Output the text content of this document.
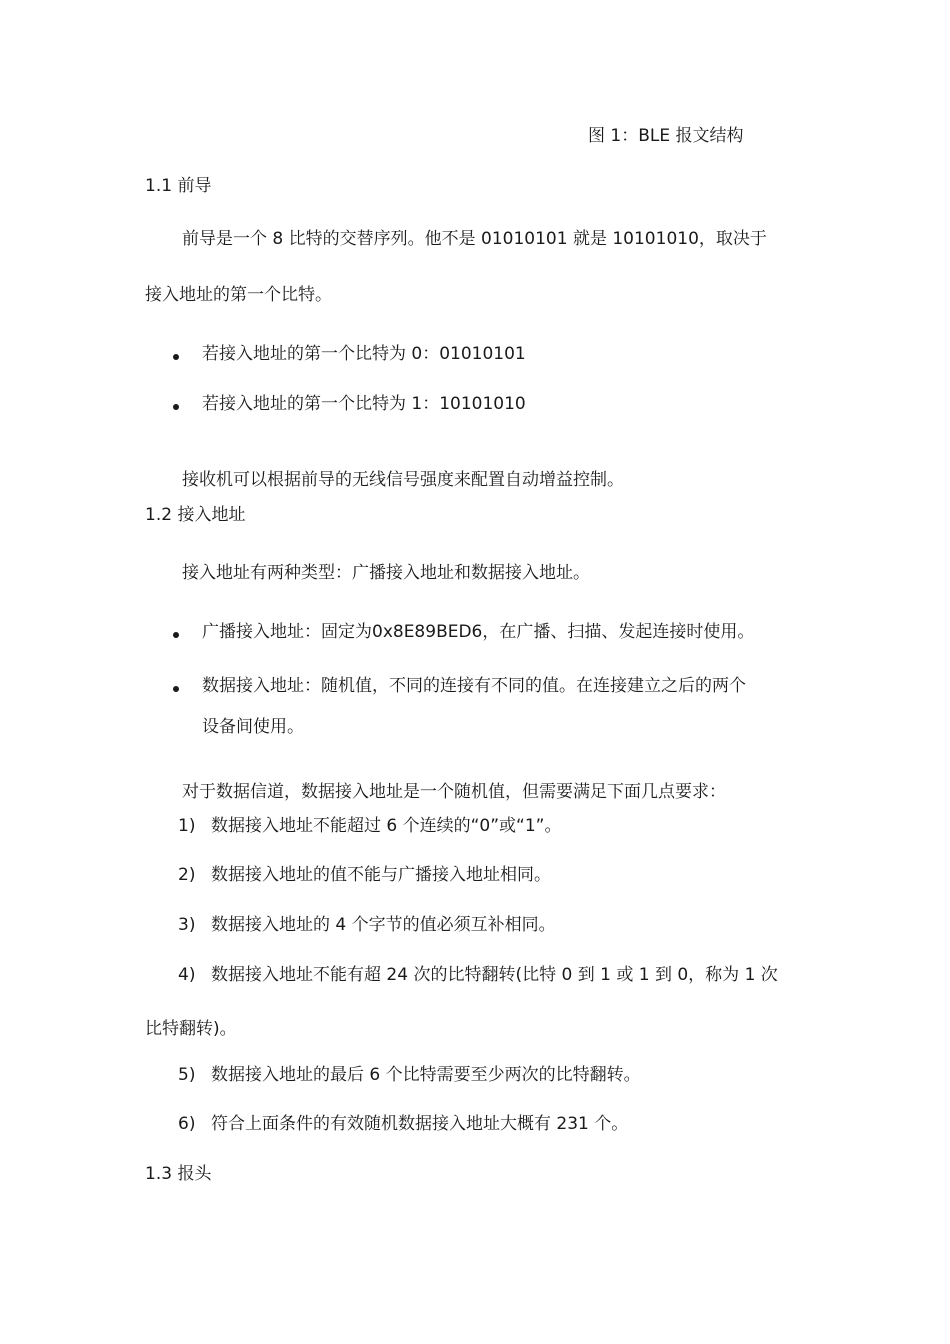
图 1：BLE 报文结构
1.1 前导
前导是一个 8 比特的交替序列。他不是 01010101 就是 10101010，取决于
接入地址的第一个比特。
若接入地址的第一个比特为 0：01010101
若接入地址的第一个比特为 1：10101010
接收机可以根据前导的无线信号强度来配置自动增益控制。
1.2 接入地址
接入地址有两种类型：广播接入地址和数据接入地址。
广播接入地址：固定为0x8E89BED6，在广播、扫描、发起连接时使用。
数据接入地址：随机值，不同的连接有不同的值。在连接建立之后的两个
设备间使用。
对于数据信道，数据接入地址是一个随机值，但需要满足下面几点要求：
1) 数据接入地址不能超过 6 个连续的“0”或“1”。
2) 数据接入地址的值不能与广播接入地址相同。
3) 数据接入地址的 4 个字节的值必须互补相同。
4) 数据接入地址不能有超 24 次的比特翻转(比特 0 到 1 或 1 到 0，称为 1 次
比特翻转)。
5) 数据接入地址的最后 6 个比特需要至少两次的比特翻转。
6) 符合上面条件的有效随机数据接入地址大概有 231 个。
1.3 报头
